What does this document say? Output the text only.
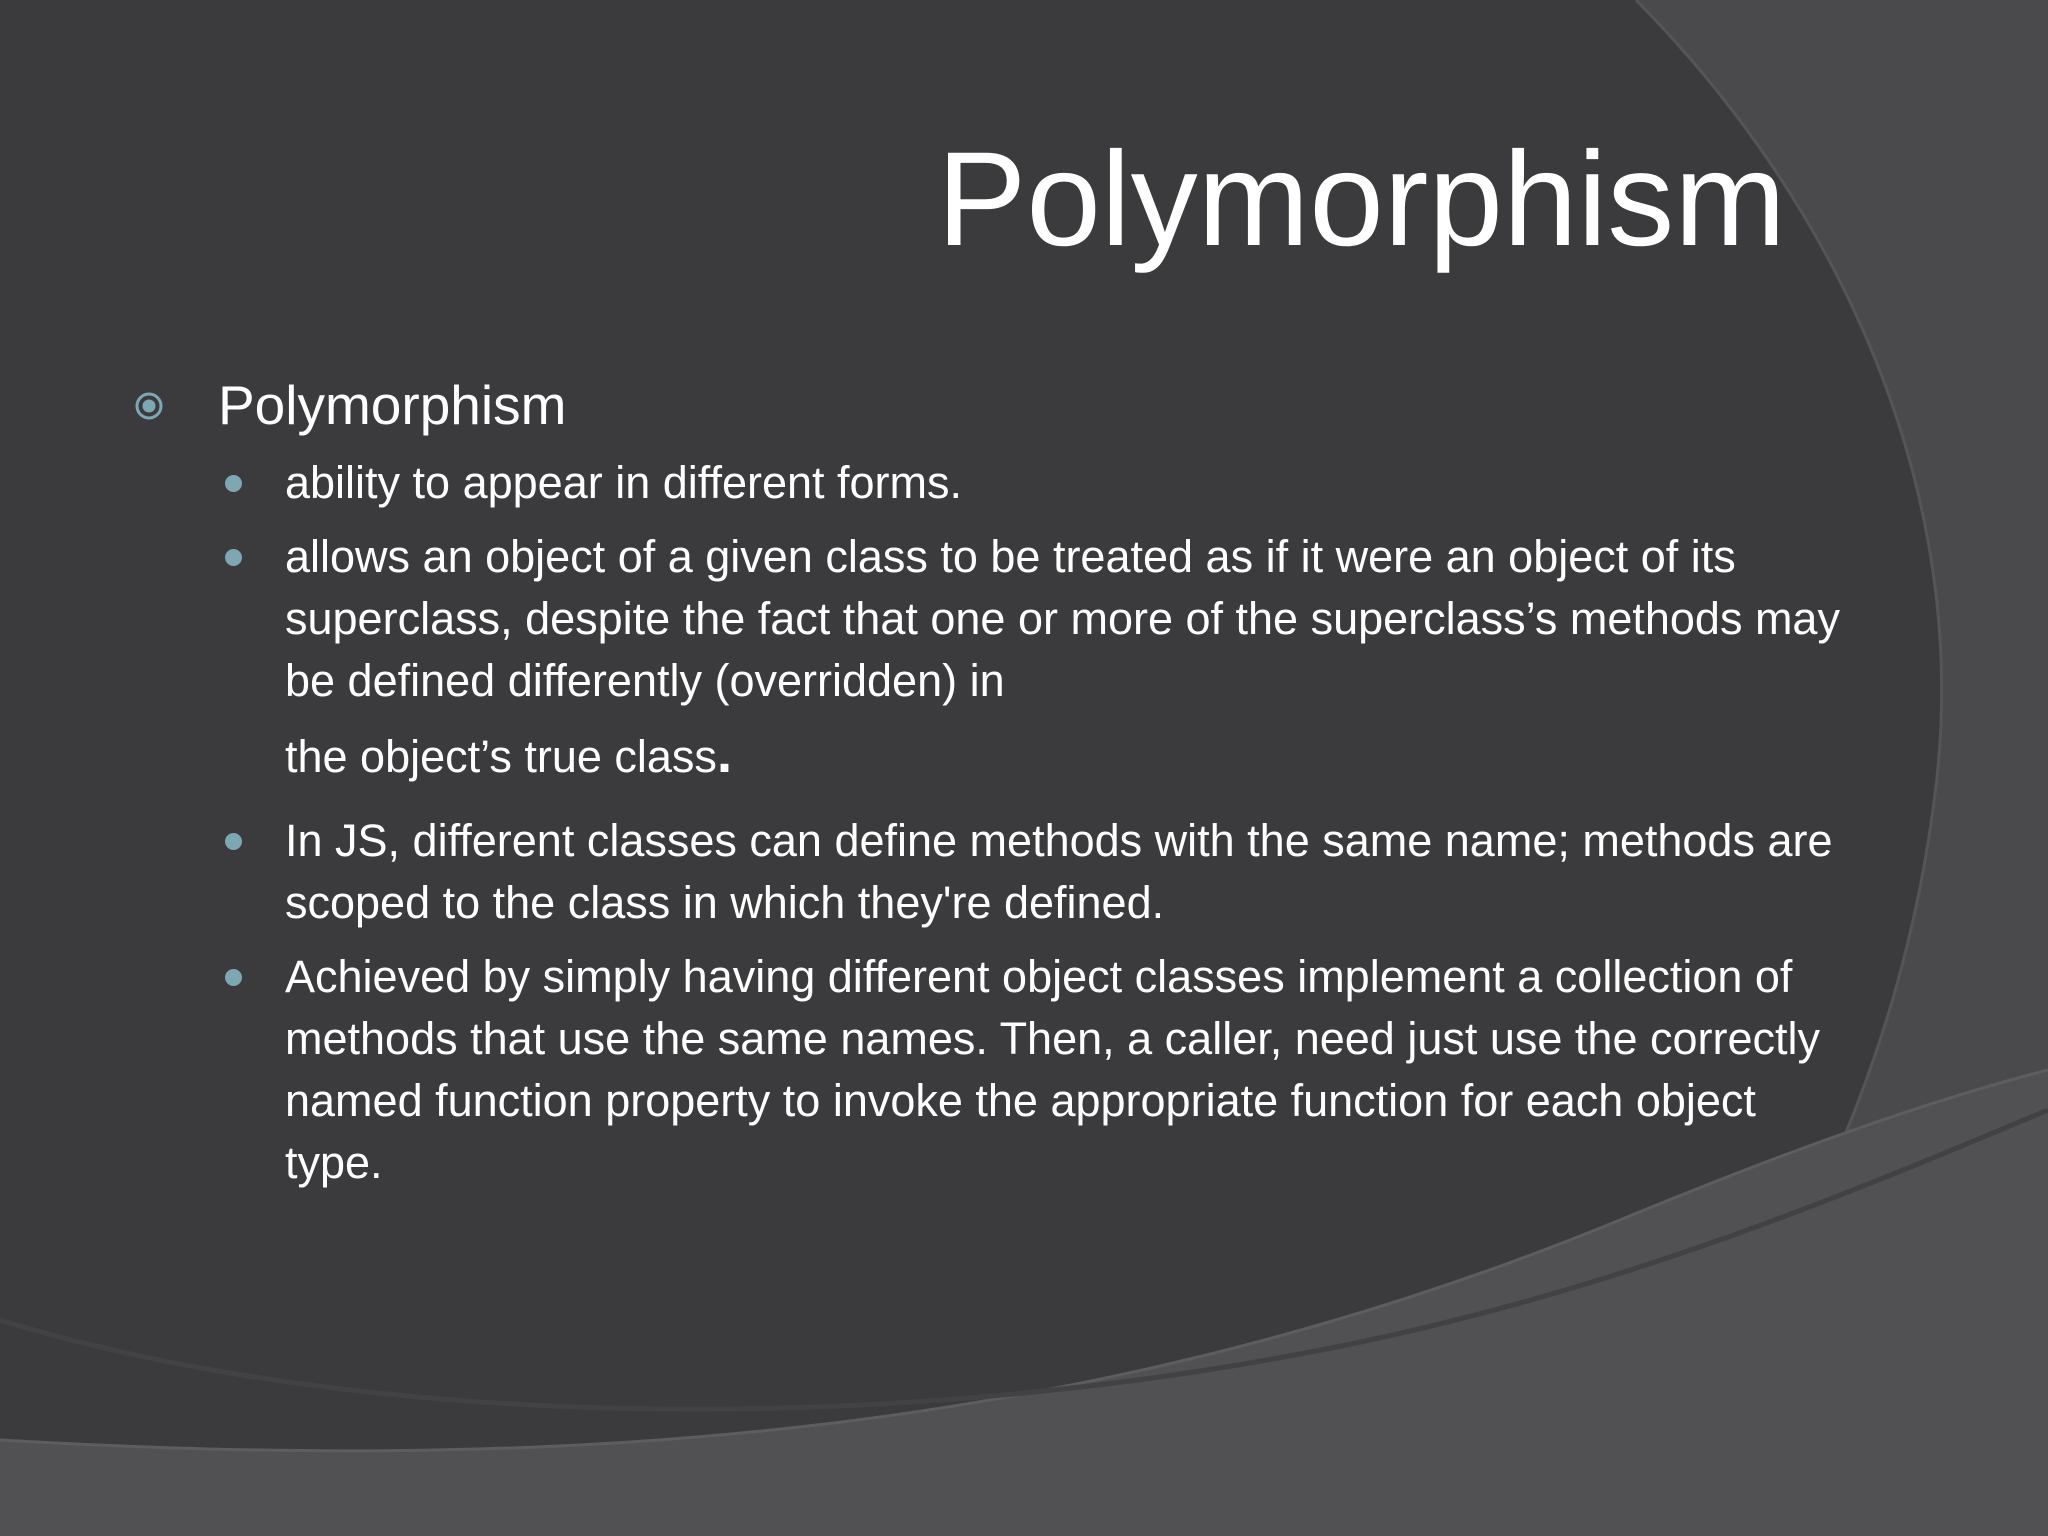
Polymorphism
Polymorphism
ability to appear in different forms.
allows an object of a given class to be treated as if it were an object of its superclass, despite the fact that one or more of the superclass’s methods may be defined differently (overridden) in
the object’s true class.
In JS, different classes can define methods with the same name; methods are scoped to the class in which they're defined.
Achieved by simply having different object classes implement a collection of methods that use the same names. Then, a caller, need just use the correctly named function property to invoke the appropriate function for each object type.
